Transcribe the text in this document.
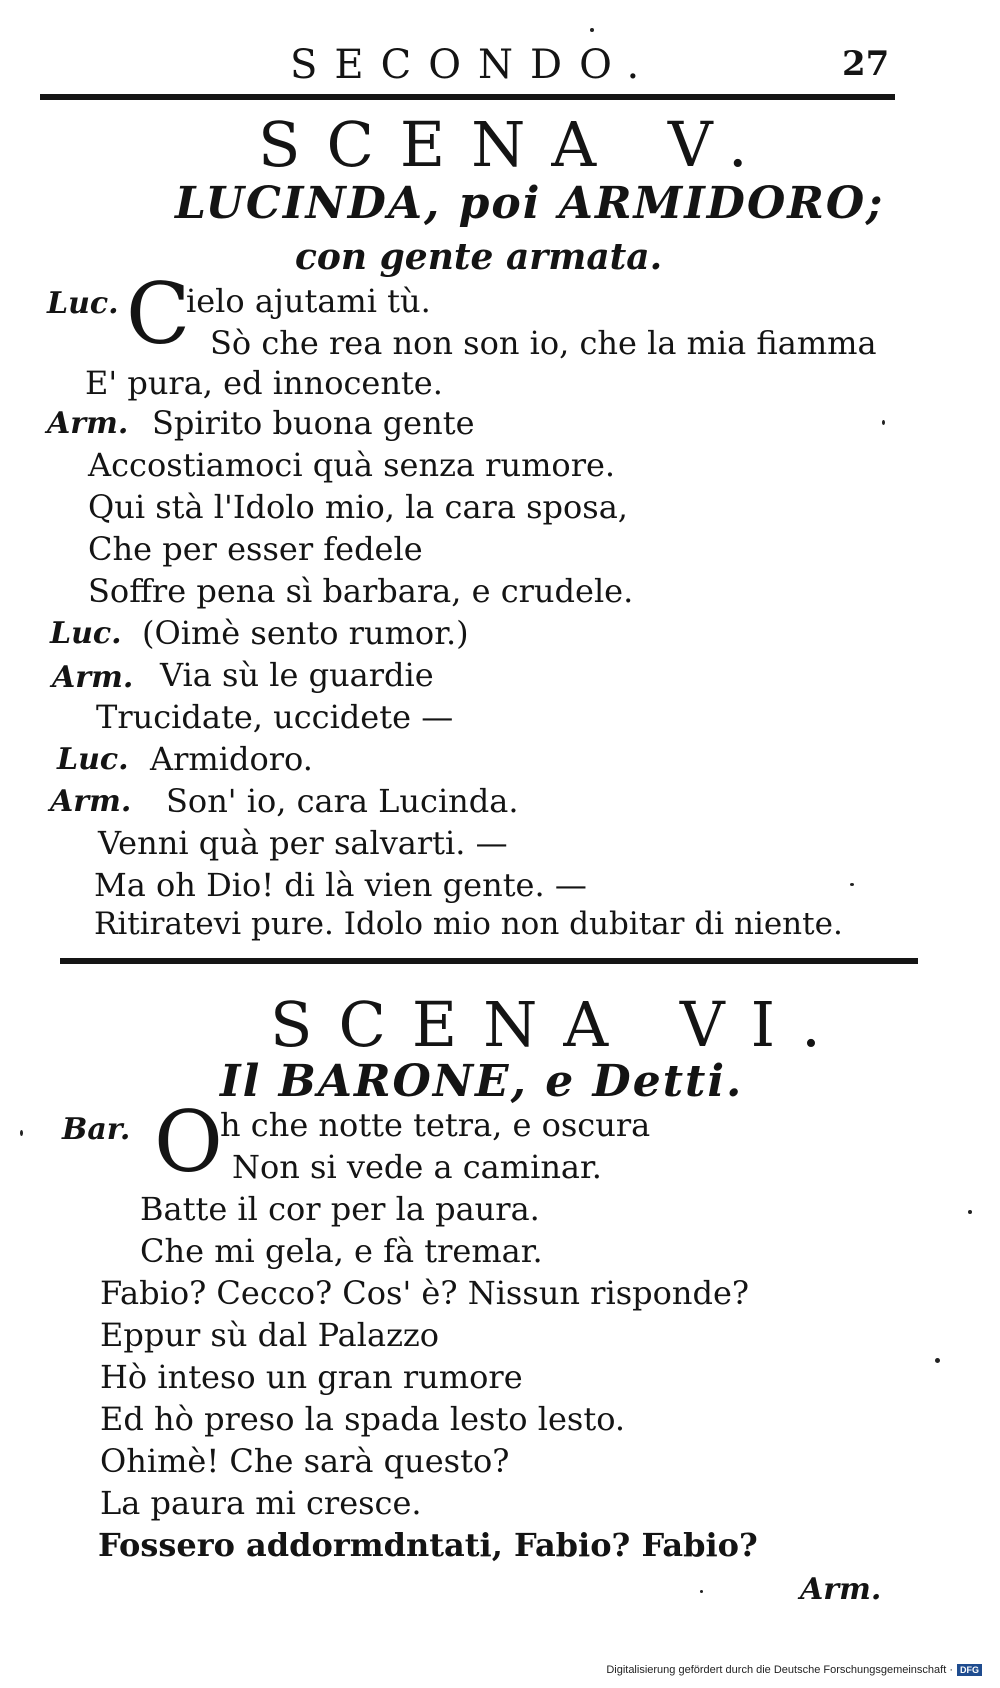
SECONDO.	27
SCENA V.
LUCINDA, poi ARMIDORO;
con gente armata.
Luc. C
ielo ajutami tù.
Sò che rea non son io, che la mia fiamma
E' pura, ed innocente.
Arm. Spirito buona gente
Accostiamoci quà senza rumore.
Qui stà l'Idolo mio, la cara sposa,
Che per esser fedele
Soffre pena sì barbara, e crudele.
Luc. (Oimè sento rumor.)
Arm. Via sù le guardie
Trucidate, uccidete —
Luc. Armidoro.
Arm. Son' io, cara Lucinda.
Venni quà per salvarti. —
Ma oh Dio! di là vien gente. —
Ritiratevi pure. Idolo mio non dubitar di niente.
SCENA VI.
Il BARONE, e Detti.
Bar. O
h che notte tetra, e oscura
Non si vede a caminar.
Batte il cor per la paura.
Che mi gela, e fà tremar.
Fabio? Cecco? Cos' è? Nissun risponde?
Eppur sù dal Palazzo
Hò inteso un gran rumore
Ed hò preso la spada lesto lesto.
Ohimè! Che sarà questo?
La paura mi cresce.
Fossero addormdntati, Fabio? Fabio?
Arm.
Digitalisierung gefördert durch die Deutsche Forschungsgemeinschaft · DFG
